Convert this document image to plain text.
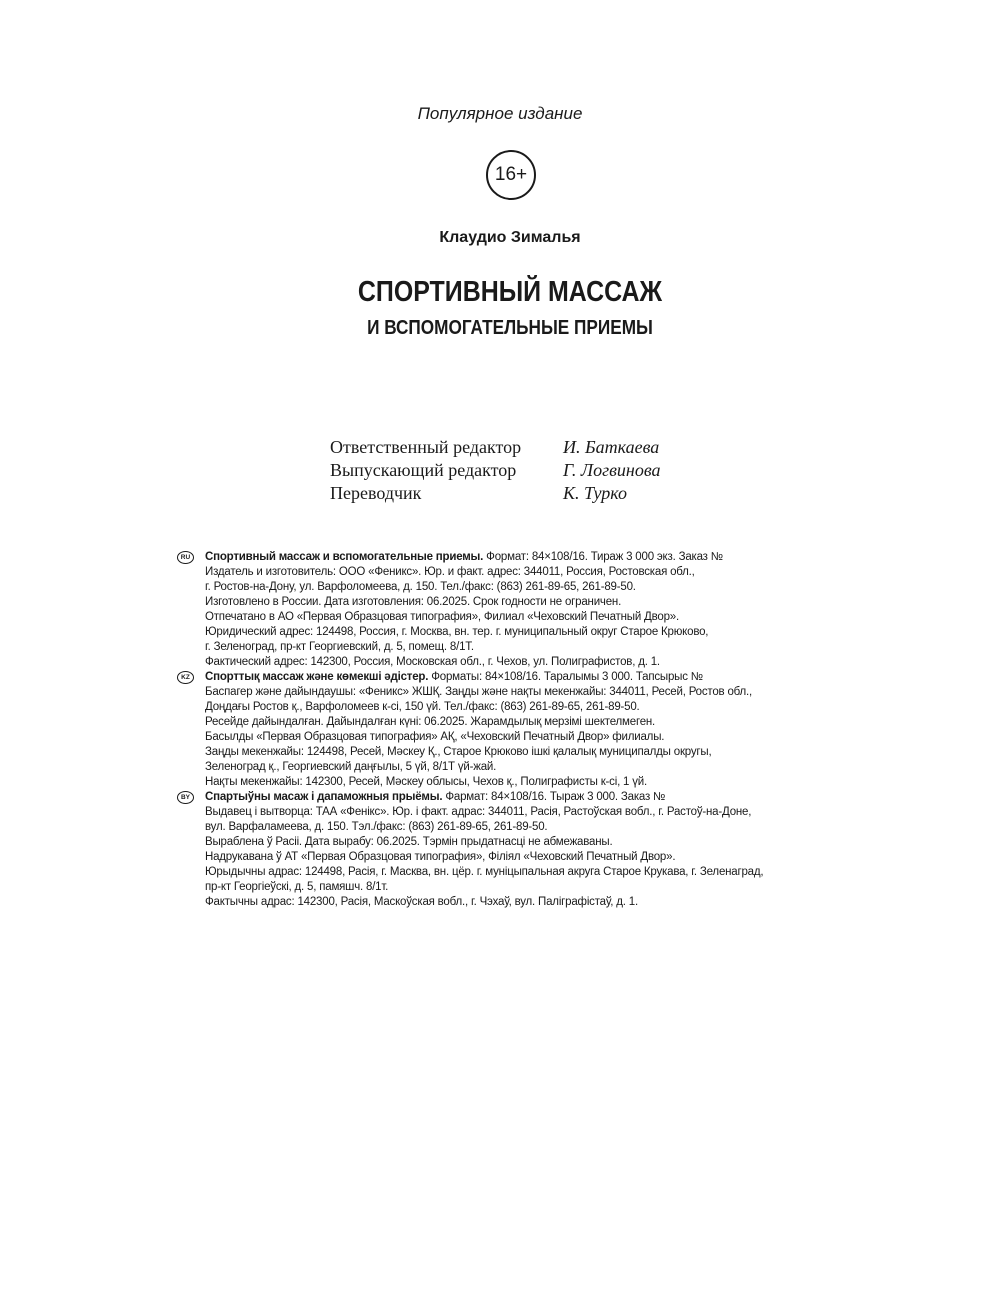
Популярное издание
16+
Клаудио Зималья
СПОРТИВНЫЙ МАССАЖ
И ВСПОМОГАТЕЛЬНЫЕ ПРИЕМЫ
Ответственный редактор	И. Баткаева
Выпускающий редактор	Г. Логвинова
Переводчик	К. Турко
RU	Спортивный массаж и вспомогательные приемы. Формат: 84×108/16. Тираж 3 000 экз. Заказ №
Издатель и изготовитель: ООО «Феникс». Юр. и факт. адрес: 344011, Россия, Ростовская обл.,
г. Ростов-на-Дону, ул. Варфоломеева, д. 150. Тел./факс: (863) 261-89-65, 261-89-50.
Изготовлено в России. Дата изготовления: 06.2025. Срок годности не ограничен.
Отпечатано в АО «Первая Образцовая типография», Филиал «Чеховский Печатный Двор».
Юридический адрес: 124498, Россия, г. Москва, вн. тер. г. муниципальный округ Старое Крюково,
г. Зеленоград, пр-кт Георгиевский, д. 5, помещ. 8/1Т.
Фактический адрес: 142300, Россия, Московская обл., г. Чехов, ул. Полиграфистов, д. 1.
KZ	Спорттық массаж және көмекші әдістер. Форматы: 84×108/16. Таралымы 3 000. Тапсырыс №
Баспагер және дайындаушы: «Феникс» ЖШҚ. Заңды және нақты мекенжайы: 344011, Ресей, Ростов обл.,
Доңдағы Ростов қ., Варфоломеев к-сі, 150 үй. Тел./факс: (863) 261-89-65, 261-89-50.
Ресейде дайындалған. Дайындалған күні: 06.2025. Жарамдылық мерзімі шектелмеген.
Басылды «Первая Образцовая типография» АҚ, «Чеховский Печатный Двор» филиалы.
Заңды мекенжайы: 124498, Ресей, Мәскеу Қ., Старое Крюково ішкі қалалық муниципалды округы,
Зеленоград қ., Георгиевский даңғылы, 5 үй, 8/1Т үй-жай.
Нақты мекенжайы: 142300, Ресей, Мәскеу облысы, Чехов қ., Полиграфисты к-сі, 1 үй.
BY	Спартыўны масаж і дапаможныя прыёмы. Фармат: 84×108/16. Тыраж 3 000. Заказ №
Выдавец і вытворца: ТАА «Фенікс». Юр. і факт. адрас: 344011, Расія, Растоўская вобл., г. Растоў-на-Доне,
вул. Варфаламеева, д. 150. Тэл./факс: (863) 261-89-65, 261-89-50.
Выраблена ў Расіі. Дата вырабу: 06.2025. Тэрмін прыдатнасці не абмежаваны.
Надрукавана ў АТ «Первая Образцовая типография», Філіял «Чеховский Печатный Двор».
Юрыдычны адрас: 124498, Расія, г. Масква, вн. цёр. г. муніцыпальная акруга Старое Крукава, г. Зеленаград,
пр-кт Георгіеўскі, д. 5, памяшч. 8/1т.
Фактычны адрас: 142300, Расія, Маскоўская вобл., г. Чэхаў, вул. Паліграфістаў, д. 1.
